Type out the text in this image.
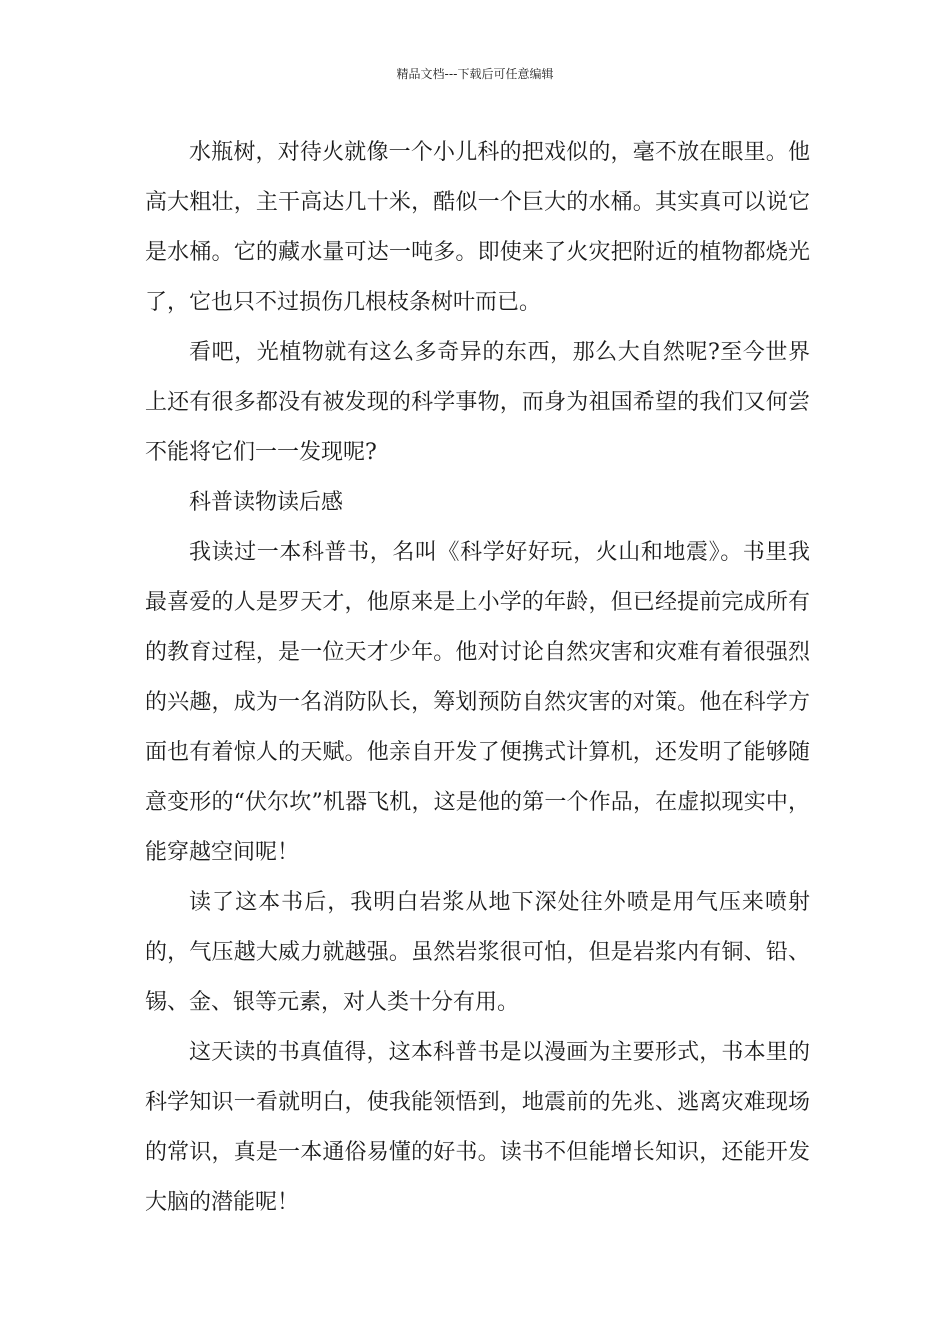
精品文档---下载后可任意编辑

水瓶树，对待火就像一个小儿科的把戏似的，毫不放在眼里。他高大粗壮，主干高达几十米，酷似一个巨大的水桶。其实真可以说它是水桶。它的藏水量可达一吨多。即使来了火灾把附近的植物都烧光了，它也只不过损伤几根枝条树叶而已。

看吧，光植物就有这么多奇异的东西，那么大自然呢?至今世界上还有很多都没有被发现的科学事物，而身为祖国希望的我们又何尝不能将它们一一发现呢?

科普读物读后感

我读过一本科普书，名叫《科学好好玩，火山和地震》。书里我最喜爱的人是罗天才，他原来是上小学的年龄，但已经提前完成所有的教育过程，是一位天才少年。他对讨论自然灾害和灾难有着很强烈的兴趣，成为一名消防队长，筹划预防自然灾害的对策。他在科学方面也有着惊人的天赋。他亲自开发了便携式计算机，还发明了能够随意变形的“伏尔坎”机器飞机，这是他的第一个作品，在虚拟现实中，能穿越空间呢！

读了这本书后，我明白岩浆从地下深处往外喷是用气压来喷射的，气压越大威力就越强。虽然岩浆很可怕，但是岩浆内有铜、铅、锡、金、银等元素，对人类十分有用。

这天读的书真值得，这本科普书是以漫画为主要形式，书本里的科学知识一看就明白，使我能领悟到，地震前的先兆、逃离灾难现场的常识，真是一本通俗易懂的好书。读书不但能增长知识，还能开发大脑的潜能呢！
